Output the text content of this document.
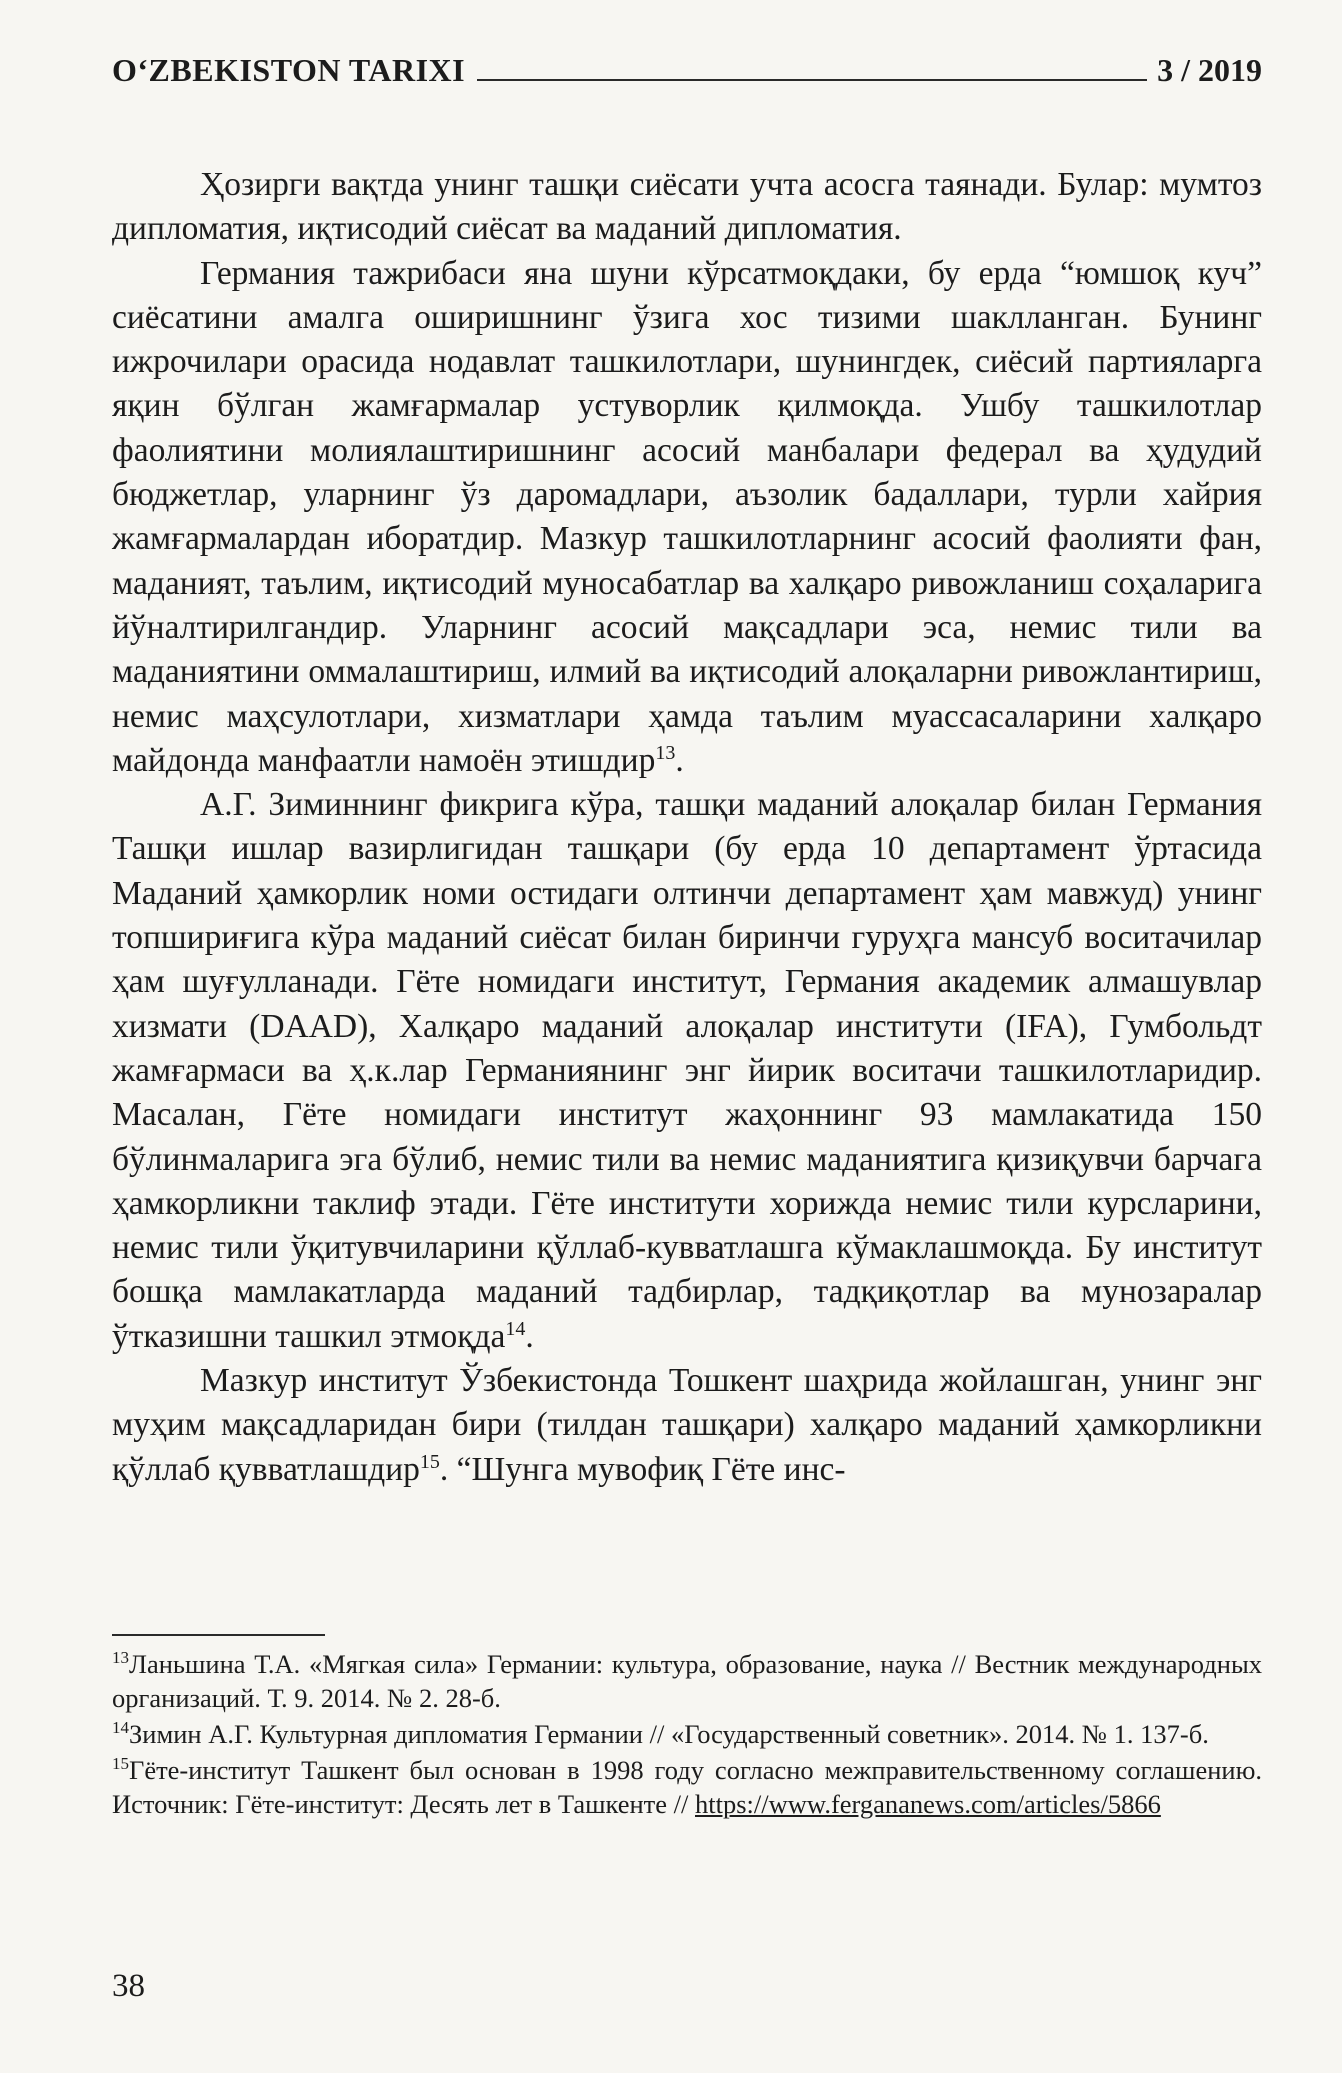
O‘ZBEKISTON TARIXI	3 / 2019

Ҳозирги вақтда унинг ташқи сиёсати учта асосга таянади. Булар: мумтоз дипломатия, иқтисодий сиёсат ва маданий дипломатия.

Германия тажрибаси яна шуни кўрсатмоқдаки, бу ерда “юмшоқ куч” сиёсатини амалга оширишнинг ўзига хос тизими шаклланган. Бунинг ижрочилари орасида нодавлат ташкилотлари, шунингдек, сиёсий партияларга яқин бўлган жамғармалар устуворлик қилмоқда. Ушбу ташкилотлар фаолиятини молиялаштиришнинг асосий манбалари федерал ва ҳудудий бюджетлар, уларнинг ўз даромадлари, аъзолик бадаллари, турли хайрия жамғармалардан иборатдир. Мазкур ташкилотларнинг асосий фаолияти фан, маданият, таълим, иқтисодий муносабатлар ва халқаро ривожланиш соҳаларига йўналтирилгандир. Уларнинг асосий мақсадлари эса, немис тили ва маданиятини оммалаштириш, илмий ва иқтисодий алоқаларни ривожлантириш, немис маҳсулотлари, хизматлари ҳамда таълим муассасаларини халқаро майдонда манфаатли намоён этишдир$^{13}$.

А.Г. Зиминнинг фикрига кўра, ташқи маданий алоқалар билан Германия Ташқи ишлар вазирлигидан ташқари (бу ерда 10 департамент ўртасида Маданий ҳамкорлик номи остидаги олтинчи департамент ҳам мавжуд) унинг топшириғига кўра маданий сиёсат билан биринчи гуруҳга мансуб воситачилар ҳам шуғулланади. Гёте номидаги институт, Германия академик алмашувлар хизмати (DAAD), Халқаро маданий алоқалар институти (IFA), Гумбольдт жамғармаси ва ҳ.к.лар Германиянинг энг йирик воситачи ташкилотларидир. Масалан, Гёте номидаги институт жаҳоннинг 93 мамлакатида 150 бўлинмаларига эга бўлиб, немис тили ва немис маданиятига қизиқувчи барчага ҳамкорликни таклиф этади. Гёте институти хорижда немис тили курсларини, немис тили ўқитувчиларини қўллаб-кувватлашга кўмаклашмоқда. Бу институт бошқа мамлакатларда маданий тадбирлар, тадқиқотлар ва мунозаралар ўтказишни ташкил этмоқда$^{14}$.

Мазкур институт Ўзбекистонда Тошкент шаҳрида жойлашган, унинг энг муҳим мақсадларидан бири (тилдан ташқари) халқаро маданий ҳамкорликни қўллаб қувватлашдир$^{15}$. “Шунга мувофиқ Гёте инс-

$^{13}$Ланьшина Т.А. «Мягкая сила» Германии: культура, образование, наука // Вестник международных организаций. Т. 9. 2014. № 2. 28-б.

$^{14}$Зимин А.Г. Культурная дипломатия Германии // «Государственный советник». 2014. № 1. 137-б.

$^{15}$Гёте-институт Ташкент был основан в 1998 году согласно межправительственному соглашению. Источник: Гёте-институт: Десять лет в Ташкенте // https://www.ferganаnews.com/articles/5866

38
